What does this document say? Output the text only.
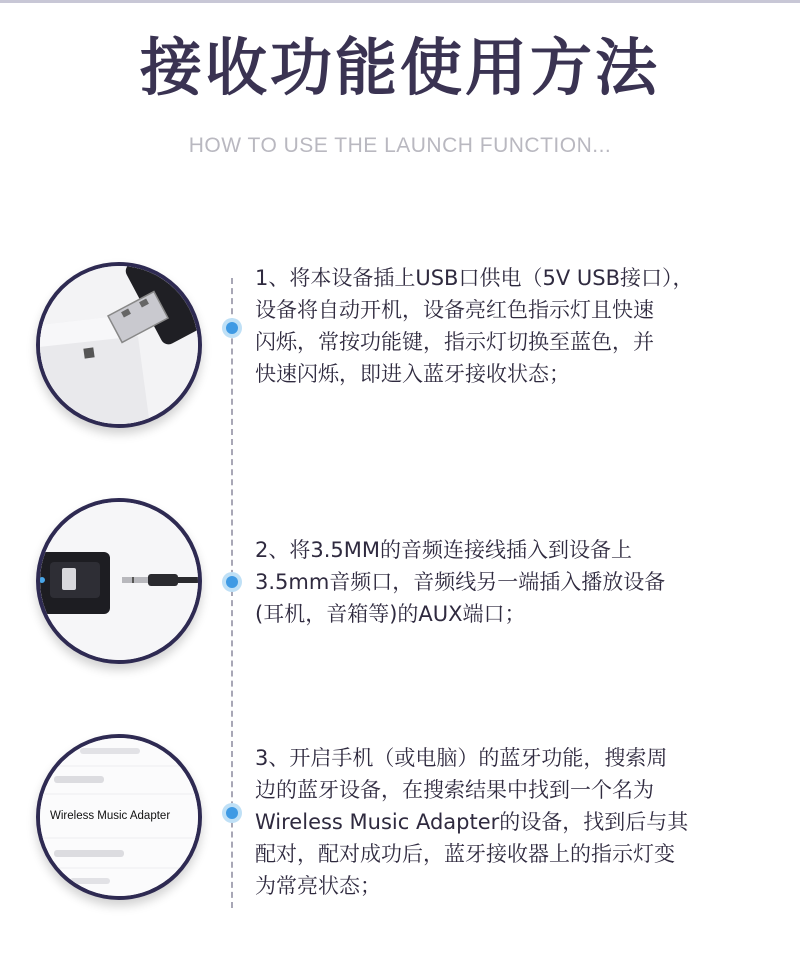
接收功能使用方法
HOW TO USE THE LAUNCH FUNCTION...
1、将本设备插上USB口供电（5V USB接口），
设备将自动开机，设备亮红色指示灯且快速
闪烁，常按功能键，指示灯切换至蓝色，并
快速闪烁，即进入蓝牙接收状态；
2、将3.5MM的音频连接线插入到设备上
3.5mm音频口，音频线另一端插入播放设备
(耳机，音箱等)的AUX端口；
Wireless Music Adapter
3、开启手机（或电脑）的蓝牙功能，搜索周
边的蓝牙设备，在搜索结果中找到一个名为
Wireless Music Adapter的设备，找到后与其
配对，配对成功后，蓝牙接收器上的指示灯变
为常亮状态；
